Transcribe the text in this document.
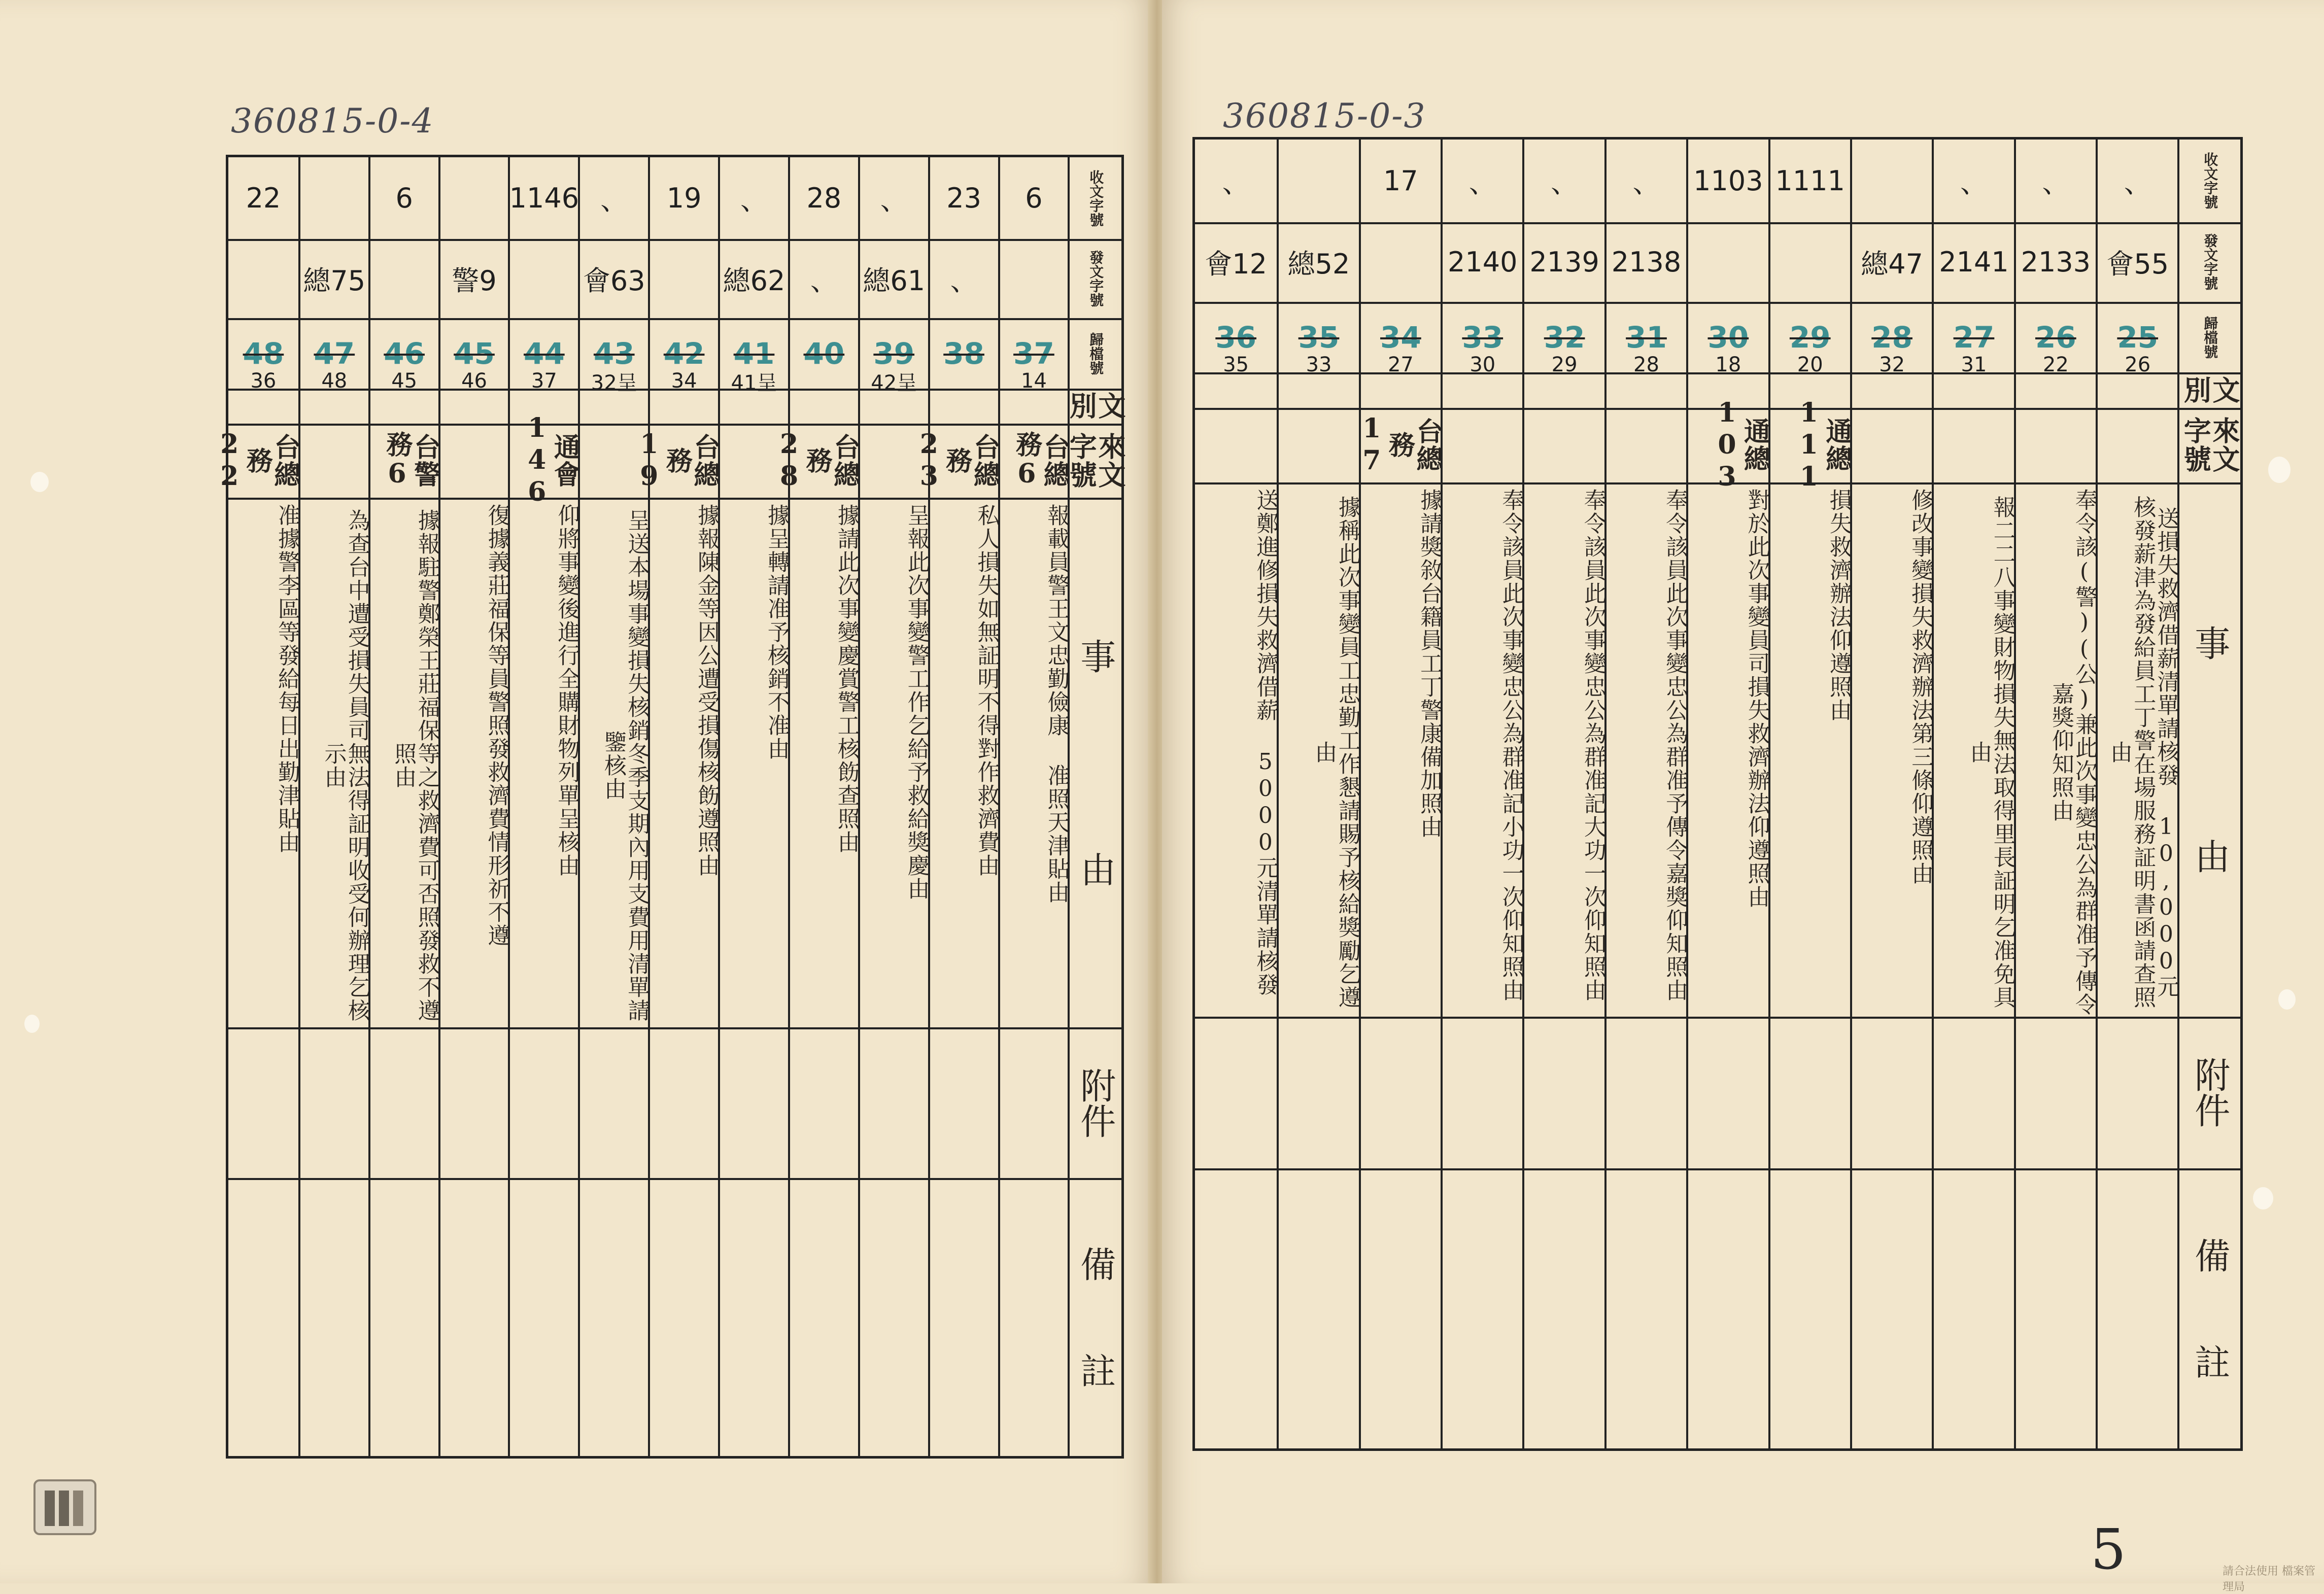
360815-0-4
22
48
36
台總務22
准據警李區等發給每日出勤津貼由
總75
47
48
為查台中遭受損失員司無法得証明收受何辦理乞核示由
6
46
45
台警務6
據報駐警鄭榮王莊福保等之救濟費可否照發救不遵照由
警9
45
46
復據義莊福保等員警照發救濟費情形祈不遵
1146
44
37
通會146
仰將事變後進行全購財物列單呈核由
、
會63
43
32呈
呈送本場事變損失核銷冬季支期內用支費用清單請鑒核由
19
42
34
台總務19
據報陳金等因公遭受損傷核飭遵照由
、
總62
41
41呈
據呈轉請准予核銷不准由
28
、
40
台總務28
據請此次事變慶賞警工核飭查照由
、
總61
39
42呈
呈報此次事變警工作乞給予救給獎慶由
23
、
38
台總務23
私人損失如無証明不得對作救濟費由
6
37
14
台總務6
報載員警王文忠勤儉康 准照天津貼由
收文字號
發文字號
歸檔號
文別
來文字號
事　　　　　由
附件
備　　註
360815-0-3
、
會12
36
35
送鄭進修損失救濟借薪 5000元清單請核發
總52
35
33
據稱此次事變員工忠勤工作懇請賜予核給獎勵乞遵由
17
34
27
台總務17
據請獎敘台籍員工丁警康備加照由
、
2140
33
30
奉令該員此次事變忠公為群准記小功一次仰知照由
、
2139
32
29
奉令該員此次事變忠公為群准記大功一次仰知照由
、
2138
31
28
奉令該員此次事變忠公為群准予傳令嘉獎仰知照由
1103
30
18
通總103
對於此次事變員司損失救濟辦法仰遵照由
1111
29
20
通總111
損失救濟辦法仰遵照由
總47
28
32
修改事變損失救濟辦法第三條仰遵照由
、
2141
27
31
報二二八事變財物損失無法取得里長証明乞准免具由
、
2133
26
22
奉令該(警)(公)兼此次事變忠公為群准予傳令嘉獎仰知照由
、
會55
25
26
送損失救濟借薪清單請核發 10,000元 核發薪津為發給員工丁警在場服務証明書函請查照由
收文字號
發文字號
歸檔號
文別
來文字號
事　　　　　由
附件
備　　註
5	請合法使用 檔案管理局
